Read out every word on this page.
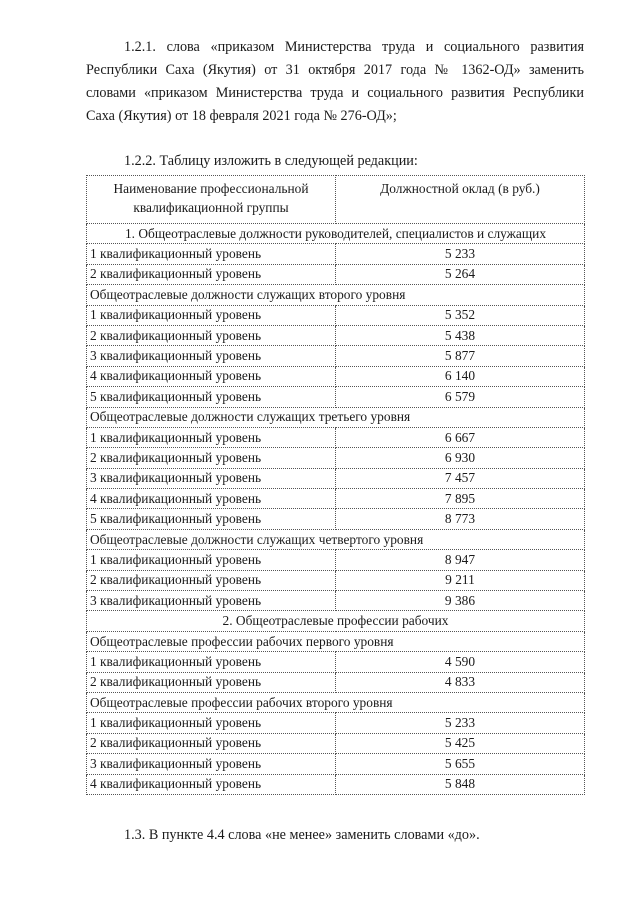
1.2.1. слова «приказом Министерства труда и социального развития Республики Саха (Якутия) от 31 октября 2017 года № 1362-ОД» заменить словами «приказом Министерства труда и социального развития Республики Саха (Якутия) от 18 февраля 2021 года № 276-ОД»;
1.2.2. Таблицу изложить в следующей редакции:
Наименование профессиональной квалификационной группы	Должностной оклад (в руб.)
1. Общеотраслевые должности руководителей, специалистов и служащих	
1 квалификационный уровень	5 233
2 квалификационный уровень	5 264
Общеотраслевые должности служащих второго уровня	
1 квалификационный уровень	5 352
2 квалификационный уровень	5 438
3 квалификационный уровень	5 877
4 квалификационный уровень	6 140
5 квалификационный уровень	6 579
Общеотраслевые должности служащих третьего уровня	
1 квалификационный уровень	6 667
2 квалификационный уровень	6 930
3 квалификационный уровень	7 457
4 квалификационный уровень	7 895
5 квалификационный уровень	8 773
Общеотраслевые должности служащих четвертого уровня	
1 квалификационный уровень	8 947
2 квалификационный уровень	9 211
3 квалификационный уровень	9 386
2. Общеотраслевые профессии рабочих	
Общеотраслевые профессии рабочих первого уровня	
1 квалификационный уровень	4 590
2 квалификационный уровень	4 833
Общеотраслевые профессии рабочих второго уровня	
1 квалификационный уровень	5 233
2 квалификационный уровень	5 425
3 квалификационный уровень	5 655
4 квалификационный уровень	5 848
1.3. В пункте 4.4 слова «не менее» заменить словами «до».
